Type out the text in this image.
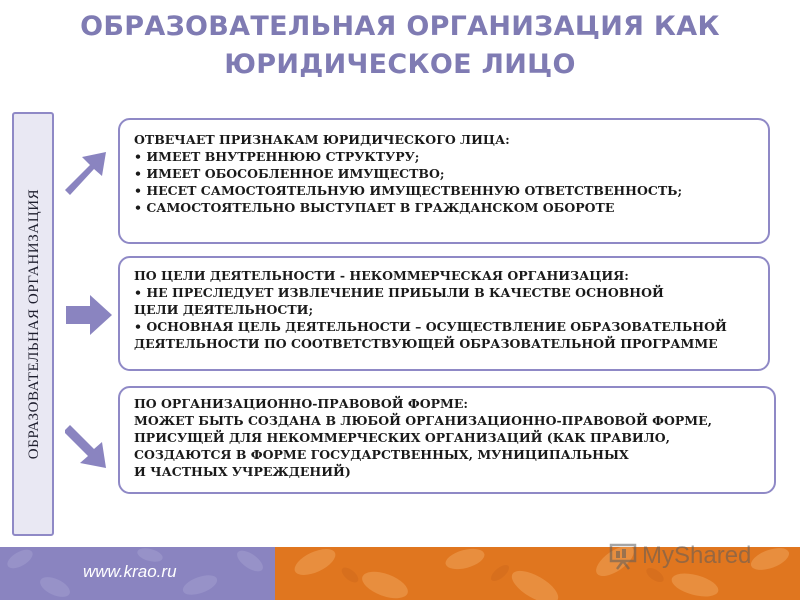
ОБРАЗОВАТЕЛЬНАЯ ОРГАНИЗАЦИЯ КАК
ЮРИДИЧЕСКОЕ ЛИЦО
ОБРАЗОВАТЕЛЬНАЯ ОРГАНИЗАЦИЯ
ОТВЕЧАЕТ ПРИЗНАКАМ ЮРИДИЧЕСКОГО ЛИЦА:
• ИМЕЕТ ВНУТРЕННЮЮ СТРУКТУРУ;
• ИМЕЕТ ОБОСОБЛЕННОЕ ИМУЩЕСТВО;
• НЕСЕТ САМОСТОЯТЕЛЬНУЮ ИМУЩЕСТВЕННУЮ ОТВЕТСТВЕННОСТЬ;
• САМОСТОЯТЕЛЬНО ВЫСТУПАЕТ В ГРАЖДАНСКОМ ОБОРОТЕ
ПО ЦЕЛИ ДЕЯТЕЛЬНОСТИ - НЕКОММЕРЧЕСКАЯ ОРГАНИЗАЦИЯ:
• НЕ ПРЕСЛЕДУЕТ ИЗВЛЕЧЕНИЕ ПРИБЫЛИ В КАЧЕСТВЕ ОСНОВНОЙ
ЦЕЛИ ДЕЯТЕЛЬНОСТИ;
• ОСНОВНАЯ ЦЕЛЬ ДЕЯТЕЛЬНОСТИ – ОСУЩЕСТВЛЕНИЕ ОБРАЗОВАТЕЛЬНОЙ
ДЕЯТЕЛЬНОСТИ ПО СООТВЕТСТВУЮЩЕЙ ОБРАЗОВАТЕЛЬНОЙ ПРОГРАММЕ
ПО ОРГАНИЗАЦИОННО-ПРАВОВОЙ ФОРМЕ:
МОЖЕТ БЫТЬ СОЗДАНА В ЛЮБОЙ ОРГАНИЗАЦИОННО-ПРАВОВОЙ ФОРМЕ,
ПРИСУЩЕЙ ДЛЯ НЕКОММЕРЧЕСКИХ ОРГАНИЗАЦИЙ (КАК ПРАВИЛО,
СОЗДАЮТСЯ В ФОРМЕ ГОСУДАРСТВЕННЫХ, МУНИЦИПАЛЬНЫХ
И ЧАСТНЫХ УЧРЕЖДЕНИЙ)
www.krao.ru
MyShared
